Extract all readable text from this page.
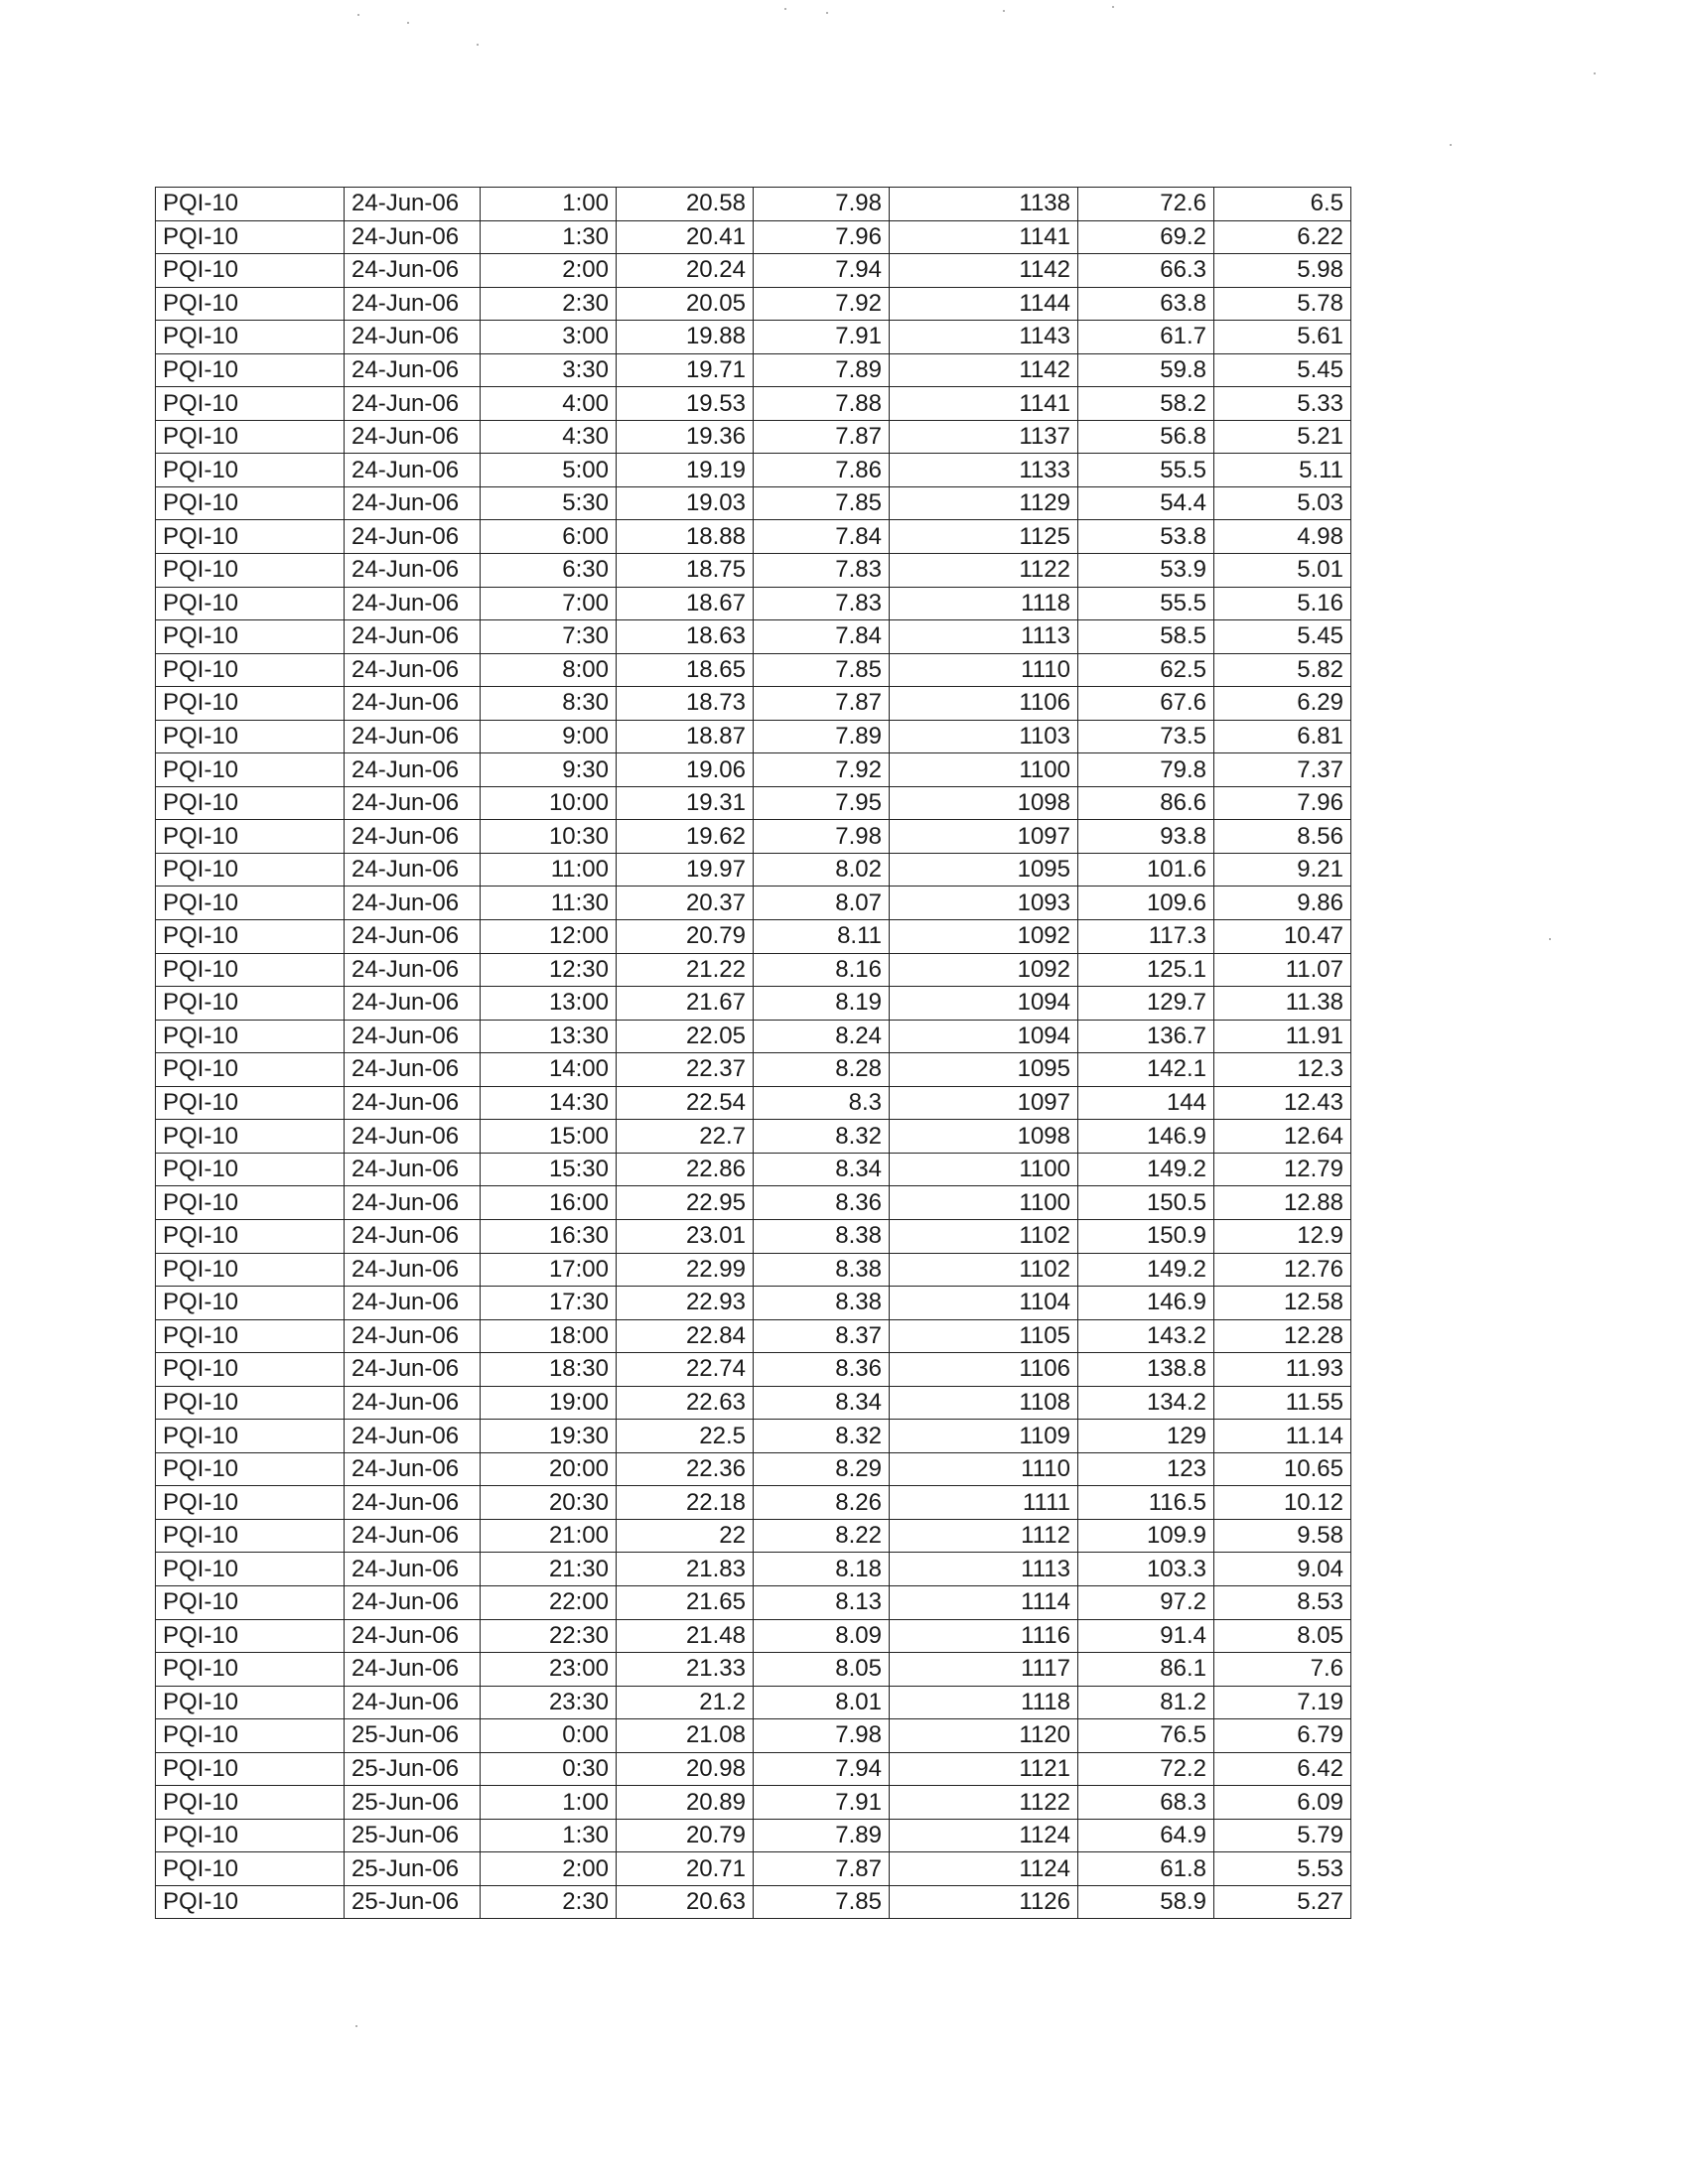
PQI-10	24-Jun-06	1:00	20.58	7.98	1138	72.6	6.5
PQI-10	24-Jun-06	1:30	20.41	7.96	1141	69.2	6.22
PQI-10	24-Jun-06	2:00	20.24	7.94	1142	66.3	5.98
PQI-10	24-Jun-06	2:30	20.05	7.92	1144	63.8	5.78
PQI-10	24-Jun-06	3:00	19.88	7.91	1143	61.7	5.61
PQI-10	24-Jun-06	3:30	19.71	7.89	1142	59.8	5.45
PQI-10	24-Jun-06	4:00	19.53	7.88	1141	58.2	5.33
PQI-10	24-Jun-06	4:30	19.36	7.87	1137	56.8	5.21
PQI-10	24-Jun-06	5:00	19.19	7.86	1133	55.5	5.11
PQI-10	24-Jun-06	5:30	19.03	7.85	1129	54.4	5.03
PQI-10	24-Jun-06	6:00	18.88	7.84	1125	53.8	4.98
PQI-10	24-Jun-06	6:30	18.75	7.83	1122	53.9	5.01
PQI-10	24-Jun-06	7:00	18.67	7.83	1118	55.5	5.16
PQI-10	24-Jun-06	7:30	18.63	7.84	1113	58.5	5.45
PQI-10	24-Jun-06	8:00	18.65	7.85	1110	62.5	5.82
PQI-10	24-Jun-06	8:30	18.73	7.87	1106	67.6	6.29
PQI-10	24-Jun-06	9:00	18.87	7.89	1103	73.5	6.81
PQI-10	24-Jun-06	9:30	19.06	7.92	1100	79.8	7.37
PQI-10	24-Jun-06	10:00	19.31	7.95	1098	86.6	7.96
PQI-10	24-Jun-06	10:30	19.62	7.98	1097	93.8	8.56
PQI-10	24-Jun-06	11:00	19.97	8.02	1095	101.6	9.21
PQI-10	24-Jun-06	11:30	20.37	8.07	1093	109.6	9.86
PQI-10	24-Jun-06	12:00	20.79	8.11	1092	117.3	10.47
PQI-10	24-Jun-06	12:30	21.22	8.16	1092	125.1	11.07
PQI-10	24-Jun-06	13:00	21.67	8.19	1094	129.7	11.38
PQI-10	24-Jun-06	13:30	22.05	8.24	1094	136.7	11.91
PQI-10	24-Jun-06	14:00	22.37	8.28	1095	142.1	12.3
PQI-10	24-Jun-06	14:30	22.54	8.3	1097	144	12.43
PQI-10	24-Jun-06	15:00	22.7	8.32	1098	146.9	12.64
PQI-10	24-Jun-06	15:30	22.86	8.34	1100	149.2	12.79
PQI-10	24-Jun-06	16:00	22.95	8.36	1100	150.5	12.88
PQI-10	24-Jun-06	16:30	23.01	8.38	1102	150.9	12.9
PQI-10	24-Jun-06	17:00	22.99	8.38	1102	149.2	12.76
PQI-10	24-Jun-06	17:30	22.93	8.38	1104	146.9	12.58
PQI-10	24-Jun-06	18:00	22.84	8.37	1105	143.2	12.28
PQI-10	24-Jun-06	18:30	22.74	8.36	1106	138.8	11.93
PQI-10	24-Jun-06	19:00	22.63	8.34	1108	134.2	11.55
PQI-10	24-Jun-06	19:30	22.5	8.32	1109	129	11.14
PQI-10	24-Jun-06	20:00	22.36	8.29	1110	123	10.65
PQI-10	24-Jun-06	20:30	22.18	8.26	1111	116.5	10.12
PQI-10	24-Jun-06	21:00	22	8.22	1112	109.9	9.58
PQI-10	24-Jun-06	21:30	21.83	8.18	1113	103.3	9.04
PQI-10	24-Jun-06	22:00	21.65	8.13	1114	97.2	8.53
PQI-10	24-Jun-06	22:30	21.48	8.09	1116	91.4	8.05
PQI-10	24-Jun-06	23:00	21.33	8.05	1117	86.1	7.6
PQI-10	24-Jun-06	23:30	21.2	8.01	1118	81.2	7.19
PQI-10	25-Jun-06	0:00	21.08	7.98	1120	76.5	6.79
PQI-10	25-Jun-06	0:30	20.98	7.94	1121	72.2	6.42
PQI-10	25-Jun-06	1:00	20.89	7.91	1122	68.3	6.09
PQI-10	25-Jun-06	1:30	20.79	7.89	1124	64.9	5.79
PQI-10	25-Jun-06	2:00	20.71	7.87	1124	61.8	5.53
PQI-10	25-Jun-06	2:30	20.63	7.85	1126	58.9	5.27
